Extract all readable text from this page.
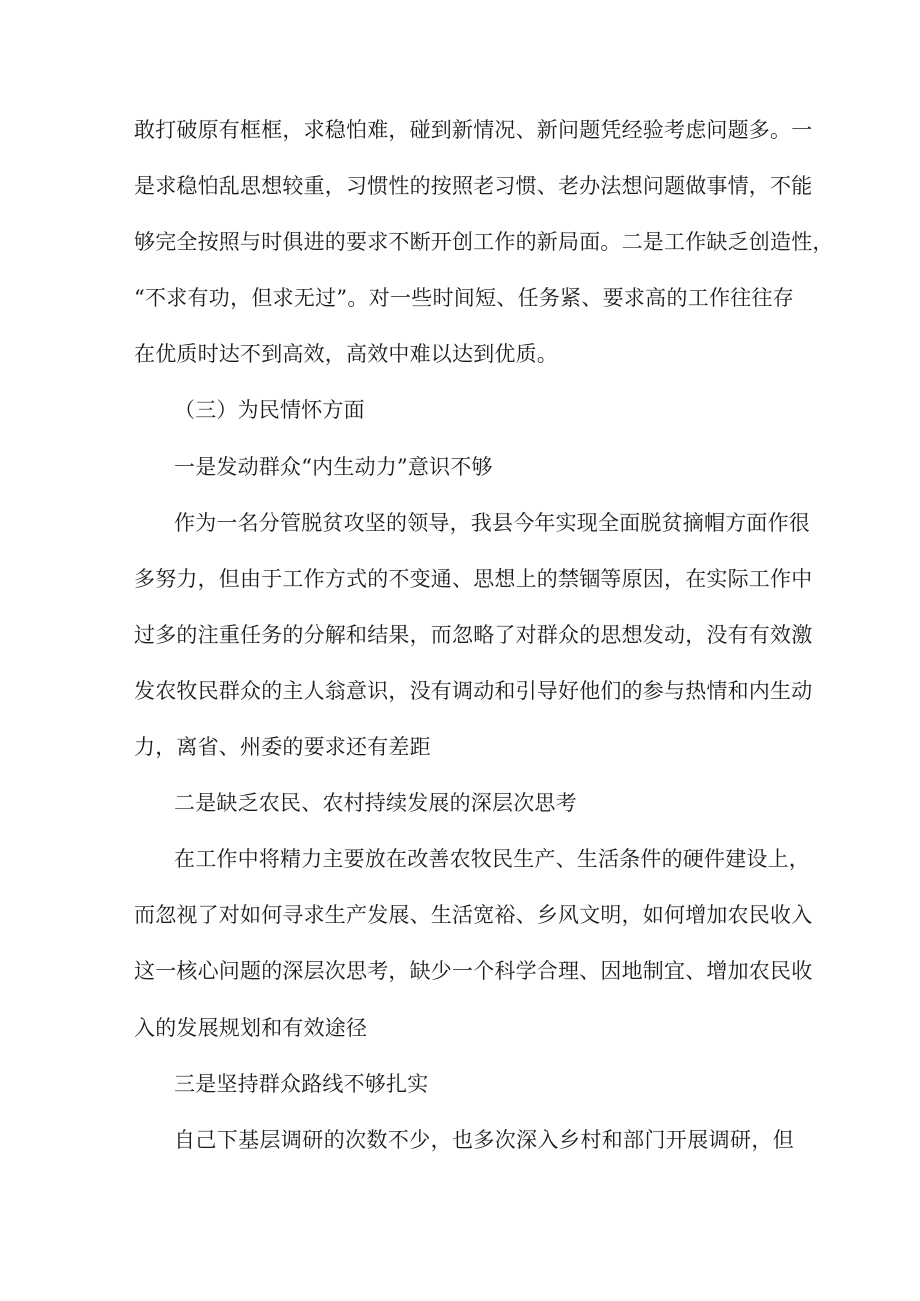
敢打破原有框框，求稳怕难，碰到新情况、新问题凭经验考虑问题多。一
是求稳怕乱思想较重，习惯性的按照老习惯、老办法想问题做事情，不能
够完全按照与时俱进的要求不断开创工作的新局面。二是工作缺乏创造性，
“不求有功，但求无过”。对一些时间短、任务紧、要求高的工作往往存
在优质时达不到高效，高效中难以达到优质。
（三）为民情怀方面
一是发动群众“内生动力”意识不够
作为一名分管脱贫攻坚的领导，我县今年实现全面脱贫摘帽方面作很
多努力，但由于工作方式的不变通、思想上的禁锢等原因，在实际工作中
过多的注重任务的分解和结果，而忽略了对群众的思想发动，没有有效激
发农牧民群众的主人翁意识，没有调动和引导好他们的参与热情和内生动
力，离省、州委的要求还有差距
二是缺乏农民、农村持续发展的深层次思考
在工作中将精力主要放在改善农牧民生产、生活条件的硬件建设上，
而忽视了对如何寻求生产发展、生活宽裕、乡风文明，如何增加农民收入
这一核心问题的深层次思考，缺少一个科学合理、因地制宜、增加农民收
入的发展规划和有效途径
三是坚持群众路线不够扎实
自己下基层调研的次数不少，也多次深入乡村和部门开展调研，但
